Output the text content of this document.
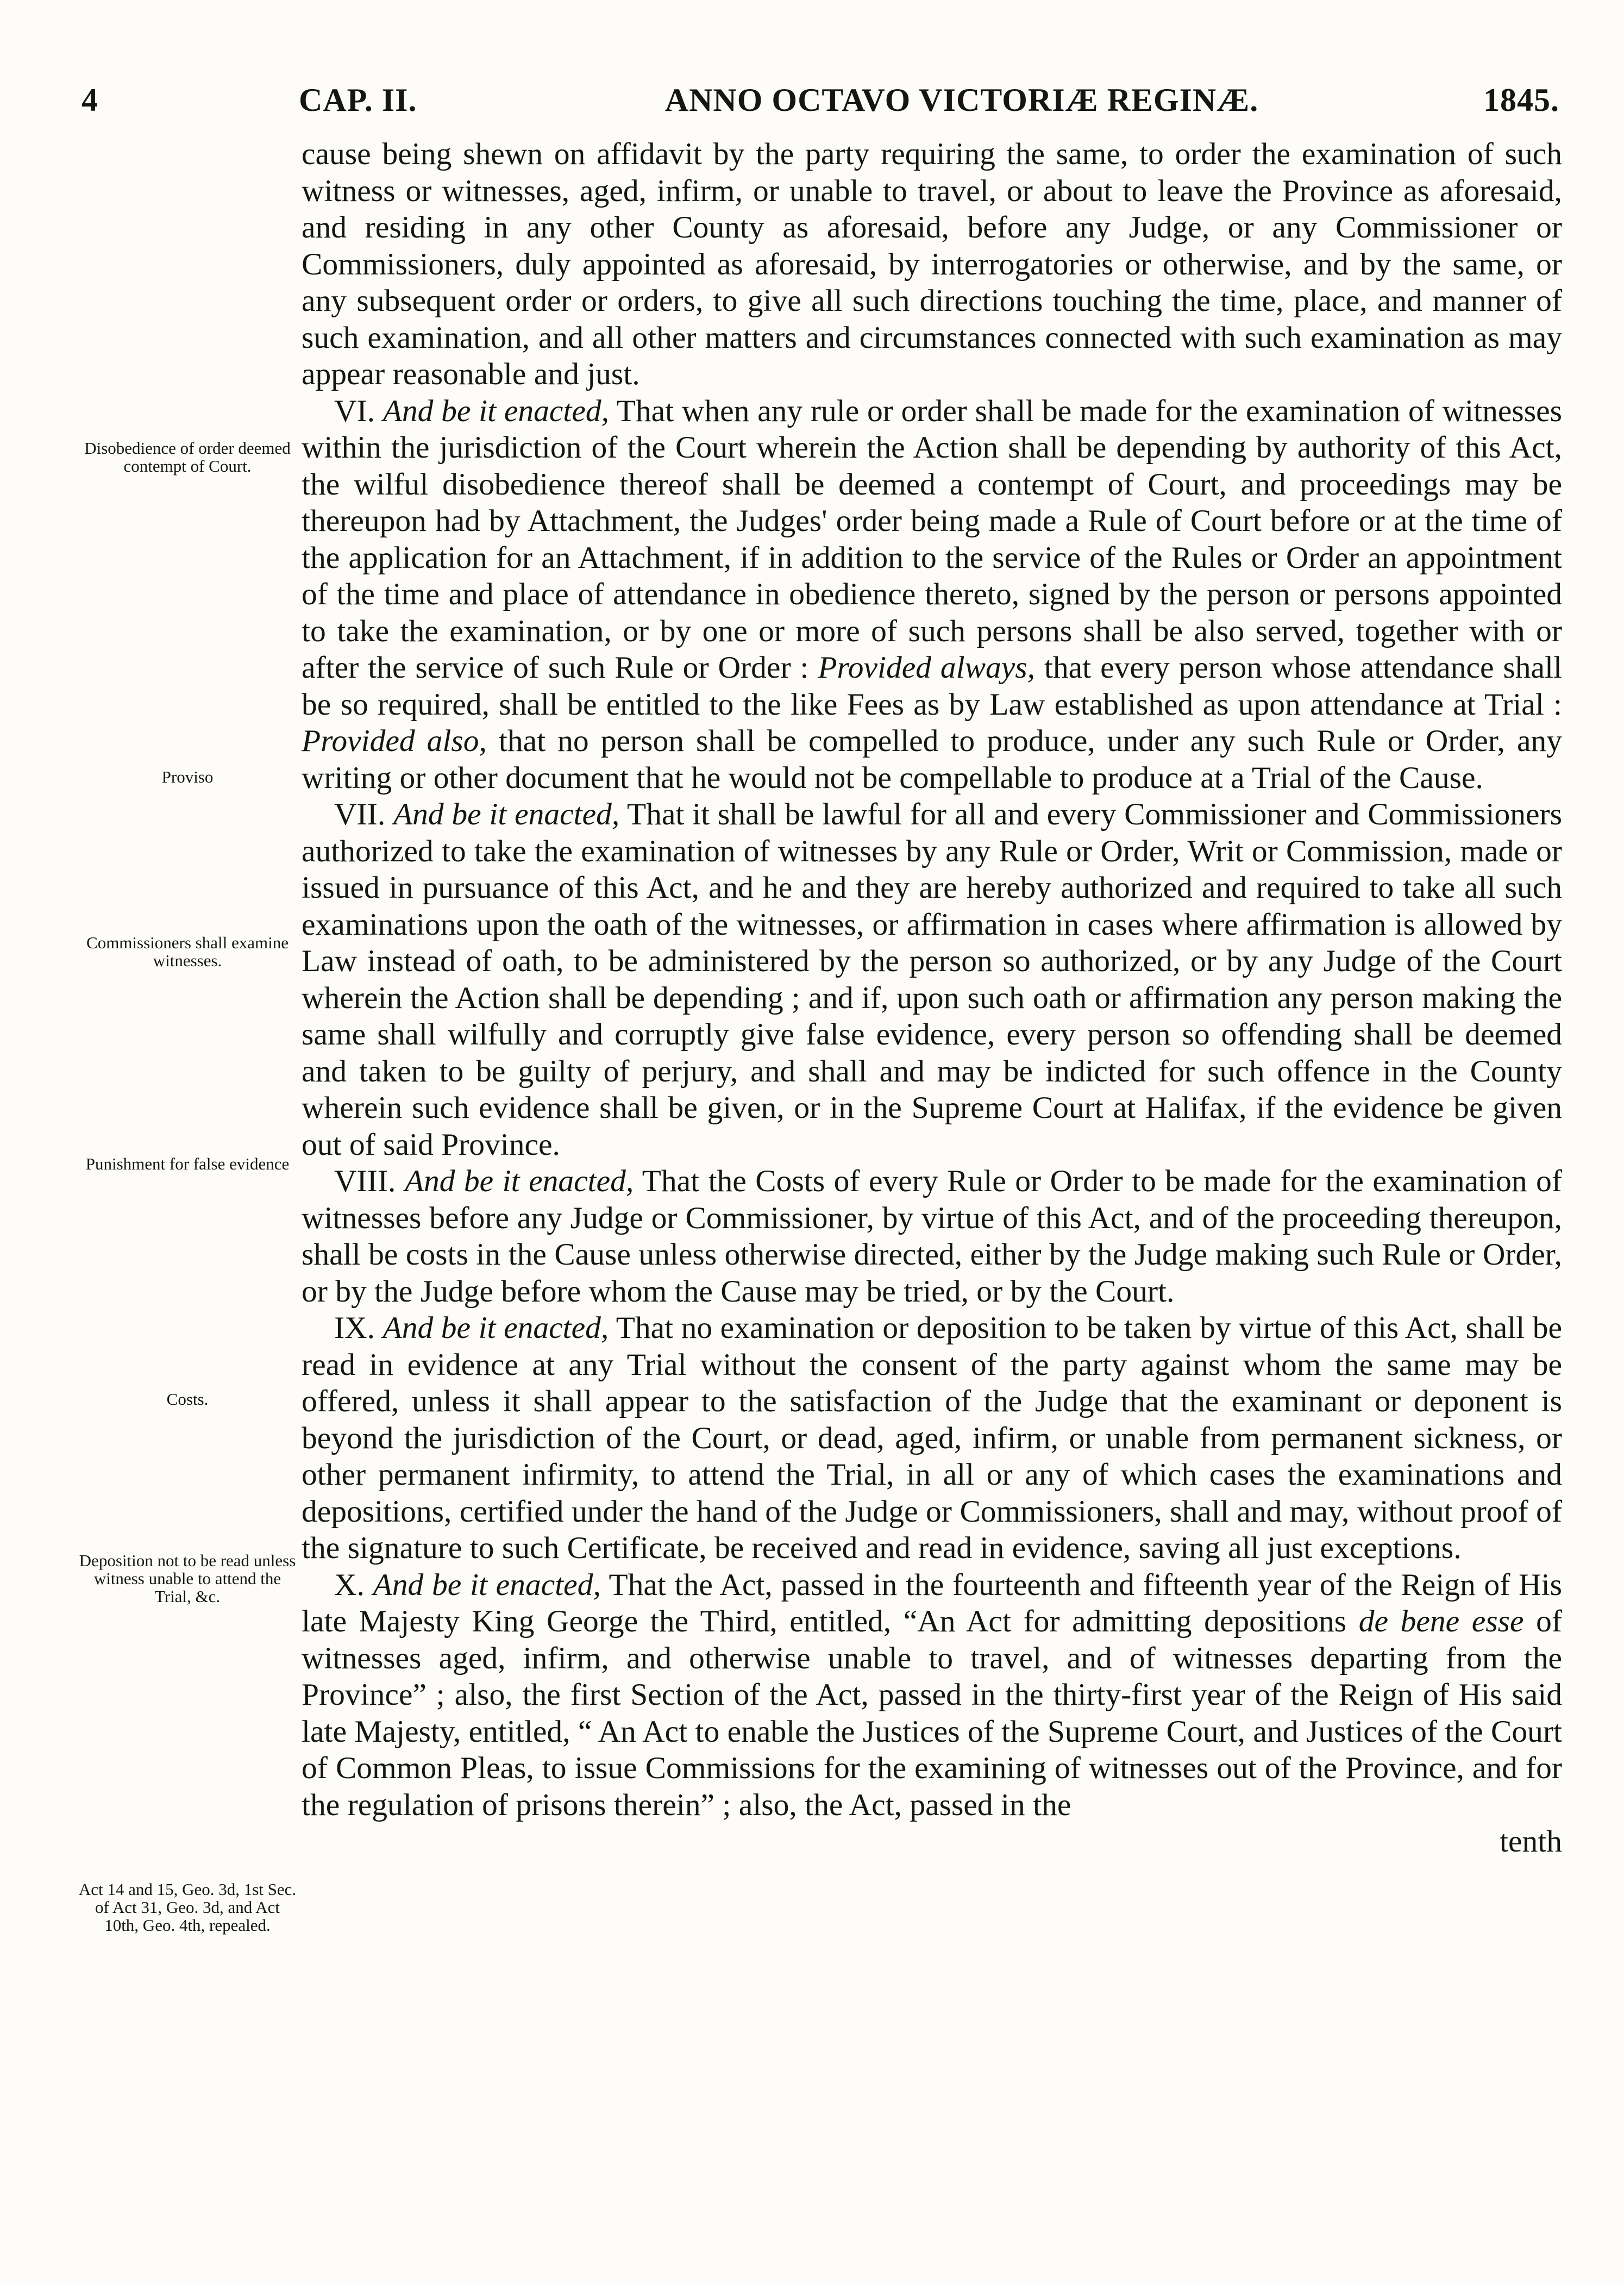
4	CAP. II.	ANNO OCTAVO VICTORIÆ REGINÆ.	1845.
Disobedience of order deemed contempt of Court.
Proviso
Commissioners shall examine witnesses.
Punishment for false evidence
Costs.
Deposition not to be read unless witness unable to attend the Trial, &c.
Act 14 and 15, Geo. 3d, 1st Sec. of Act 31, Geo. 3d, and Act 10th, Geo. 4th, repealed.

cause being shewn on affidavit by the party requiring the same, to order the examination of such witness or witnesses, aged, infirm, or unable to travel, or about to leave the Province as aforesaid, and residing in any other County as aforesaid, before any Judge, or any Commissioner or Commissioners, duly appointed as aforesaid, by interrogatories or otherwise, and by the same, or any subsequent order or orders, to give all such directions touching the time, place, and manner of such examination, and all other matters and circumstances connected with such examination as may appear reasonable and just.

VI. And be it enacted, That when any rule or order shall be made for the examination of witnesses within the jurisdiction of the Court wherein the Action shall be depending by authority of this Act, the wilful disobedience thereof shall be deemed a contempt of Court, and proceedings may be thereupon had by Attachment, the Judges' order being made a Rule of Court before or at the time of the application for an Attachment, if in addition to the service of the Rules or Order an appointment of the time and place of attendance in obedience thereto, signed by the person or persons appointed to take the examination, or by one or more of such persons shall be also served, together with or after the service of such Rule or Order : Provided always, that every person whose attendance shall be so required, shall be entitled to the like Fees as by Law established as upon attendance at Trial : Provided also, that no person shall be compelled to produce, under any such Rule or Order, any writing or other document that he would not be compellable to produce at a Trial of the Cause.

VII. And be it enacted, That it shall be lawful for all and every Commissioner and Commissioners authorized to take the examination of witnesses by any Rule or Order, Writ or Commission, made or issued in pursuance of this Act, and he and they are hereby authorized and required to take all such examinations upon the oath of the witnesses, or affirmation in cases where affirmation is allowed by Law instead of oath, to be administered by the person so authorized, or by any Judge of the Court wherein the Action shall be depending ; and if, upon such oath or affirmation any person making the same shall wilfully and corruptly give false evidence, every person so offending shall be deemed and taken to be guilty of perjury, and shall and may be indicted for such offence in the County wherein such evidence shall be given, or in the Supreme Court at Halifax, if the evidence be given out of said Province.

VIII. And be it enacted, That the Costs of every Rule or Order to be made for the examination of witnesses before any Judge or Commissioner, by virtue of this Act, and of the proceeding thereupon, shall be costs in the Cause unless otherwise directed, either by the Judge making such Rule or Order, or by the Judge before whom the Cause may be tried, or by the Court.

IX. And be it enacted, That no examination or deposition to be taken by virtue of this Act, shall be read in evidence at any Trial without the consent of the party against whom the same may be offered, unless it shall appear to the satisfaction of the Judge that the examinant or deponent is beyond the jurisdiction of the Court, or dead, aged, infirm, or unable from permanent sickness, or other permanent infirmity, to attend the Trial, in all or any of which cases the examinations and depositions, certified under the hand of the Judge or Commissioners, shall and may, without proof of the signature to such Certificate, be received and read in evidence, saving all just exceptions.

X. And be it enacted, That the Act, passed in the fourteenth and fifteenth year of the Reign of His late Majesty King George the Third, entitled, “An Act for admitting depositions de bene esse of witnesses aged, infirm, and otherwise unable to travel, and of witnesses departing from the Province” ; also, the first Section of the Act, passed in the thirty-first year of the Reign of His said late Majesty, entitled, “ An Act to enable the Justices of the Supreme Court, and Justices of the Court of Common Pleas, to issue Commissions for the examining of witnesses out of the Province, and for the regulation of prisons therein” ; also, the Act, passed in the

tenth
